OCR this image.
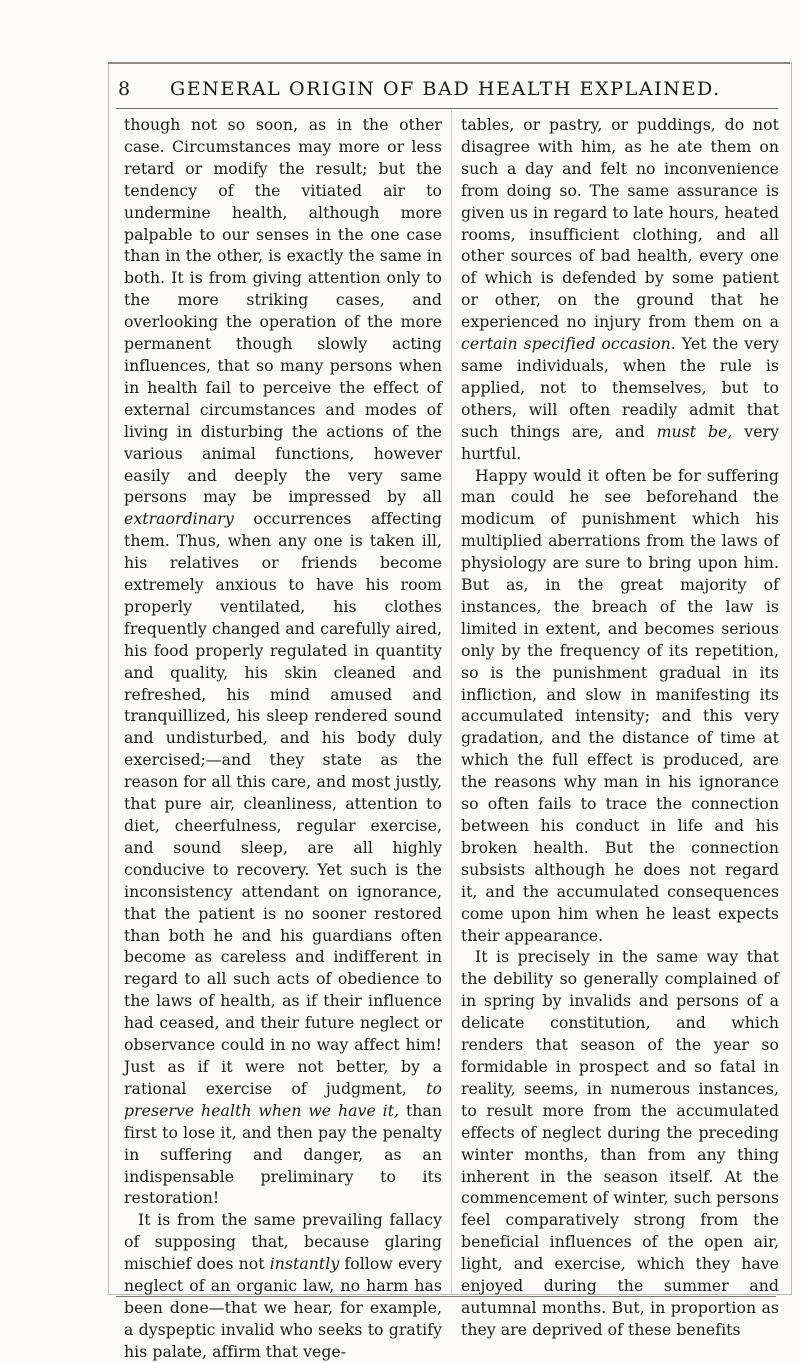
8 GENERAL ORIGIN OF BAD HEALTH EXPLAINED.

though not so soon, as in the other case. Circumstances may more or less retard or modify the result; but the tendency of the vitiated air to undermine health, although more palpable to our senses in the one case than in the other, is exactly the same in both. It is from giving attention only to the more striking cases, and overlooking the operation of the more permanent though slowly acting influences, that so many persons when in health fail to perceive the effect of external circumstances and modes of living in disturbing the actions of the various animal functions, however easily and deeply the very same persons may be impressed by all extraordinary occurrences affecting them. Thus, when any one is taken ill, his relatives or friends become extremely anxious to have his room properly ventilated, his clothes frequently changed and carefully aired, his food properly regulated in quantity and quality, his skin cleaned and refreshed, his mind amused and tranquillized, his sleep rendered sound and undisturbed, and his body duly exercised;—and they state as the reason for all this care, and most justly, that pure air, cleanliness, attention to diet, cheerfulness, regular exercise, and sound sleep, are all highly conducive to recovery. Yet such is the inconsistency attendant on ignorance, that the patient is no sooner restored than both he and his guardians often become as careless and indifferent in regard to all such acts of obedience to the laws of health, as if their influence had ceased, and their future neglect or observance could in no way affect him! Just as if it were not better, by a rational exercise of judgment, to preserve health when we have it, than first to lose it, and then pay the penalty in suffering and danger, as an indispensable preliminary to its restoration!

It is from the same prevailing fallacy of supposing that, because glaring mischief does not instantly follow every neglect of an organic law, no harm has been done—that we hear, for example, a dyspeptic invalid who seeks to gratify his palate, affirm that vege-

tables, or pastry, or puddings, do not disagree with him, as he ate them on such a day and felt no inconvenience from doing so. The same assurance is given us in regard to late hours, heated rooms, insufficient clothing, and all other sources of bad health, every one of which is defended by some patient or other, on the ground that he experienced no injury from them on a certain specified occasion. Yet the very same individuals, when the rule is applied, not to themselves, but to others, will often readily admit that such things are, and must be, very hurtful.

Happy would it often be for suffering man could he see beforehand the modicum of punishment which his multiplied aberrations from the laws of physiology are sure to bring upon him. But as, in the great majority of instances, the breach of the law is limited in extent, and becomes serious only by the frequency of its repetition, so is the punishment gradual in its infliction, and slow in manifesting its accumulated intensity; and this very gradation, and the distance of time at which the full effect is produced, are the reasons why man in his ignorance so often fails to trace the connection between his conduct in life and his broken health. But the connection subsists although he does not regard it, and the accumulated consequences come upon him when he least expects their appearance.

It is precisely in the same way that the debility so generally complained of in spring by invalids and persons of a delicate constitution, and which renders that season of the year so formidable in prospect and so fatal in reality, seems, in numerous instances, to result more from the accumulated effects of neglect during the preceding winter months, than from any thing inherent in the season itself. At the commencement of winter, such persons feel comparatively strong from the beneficial influences of the open air, light, and exercise, which they have enjoyed during the summer and autumnal months. But, in proportion as they are deprived of these benefits
